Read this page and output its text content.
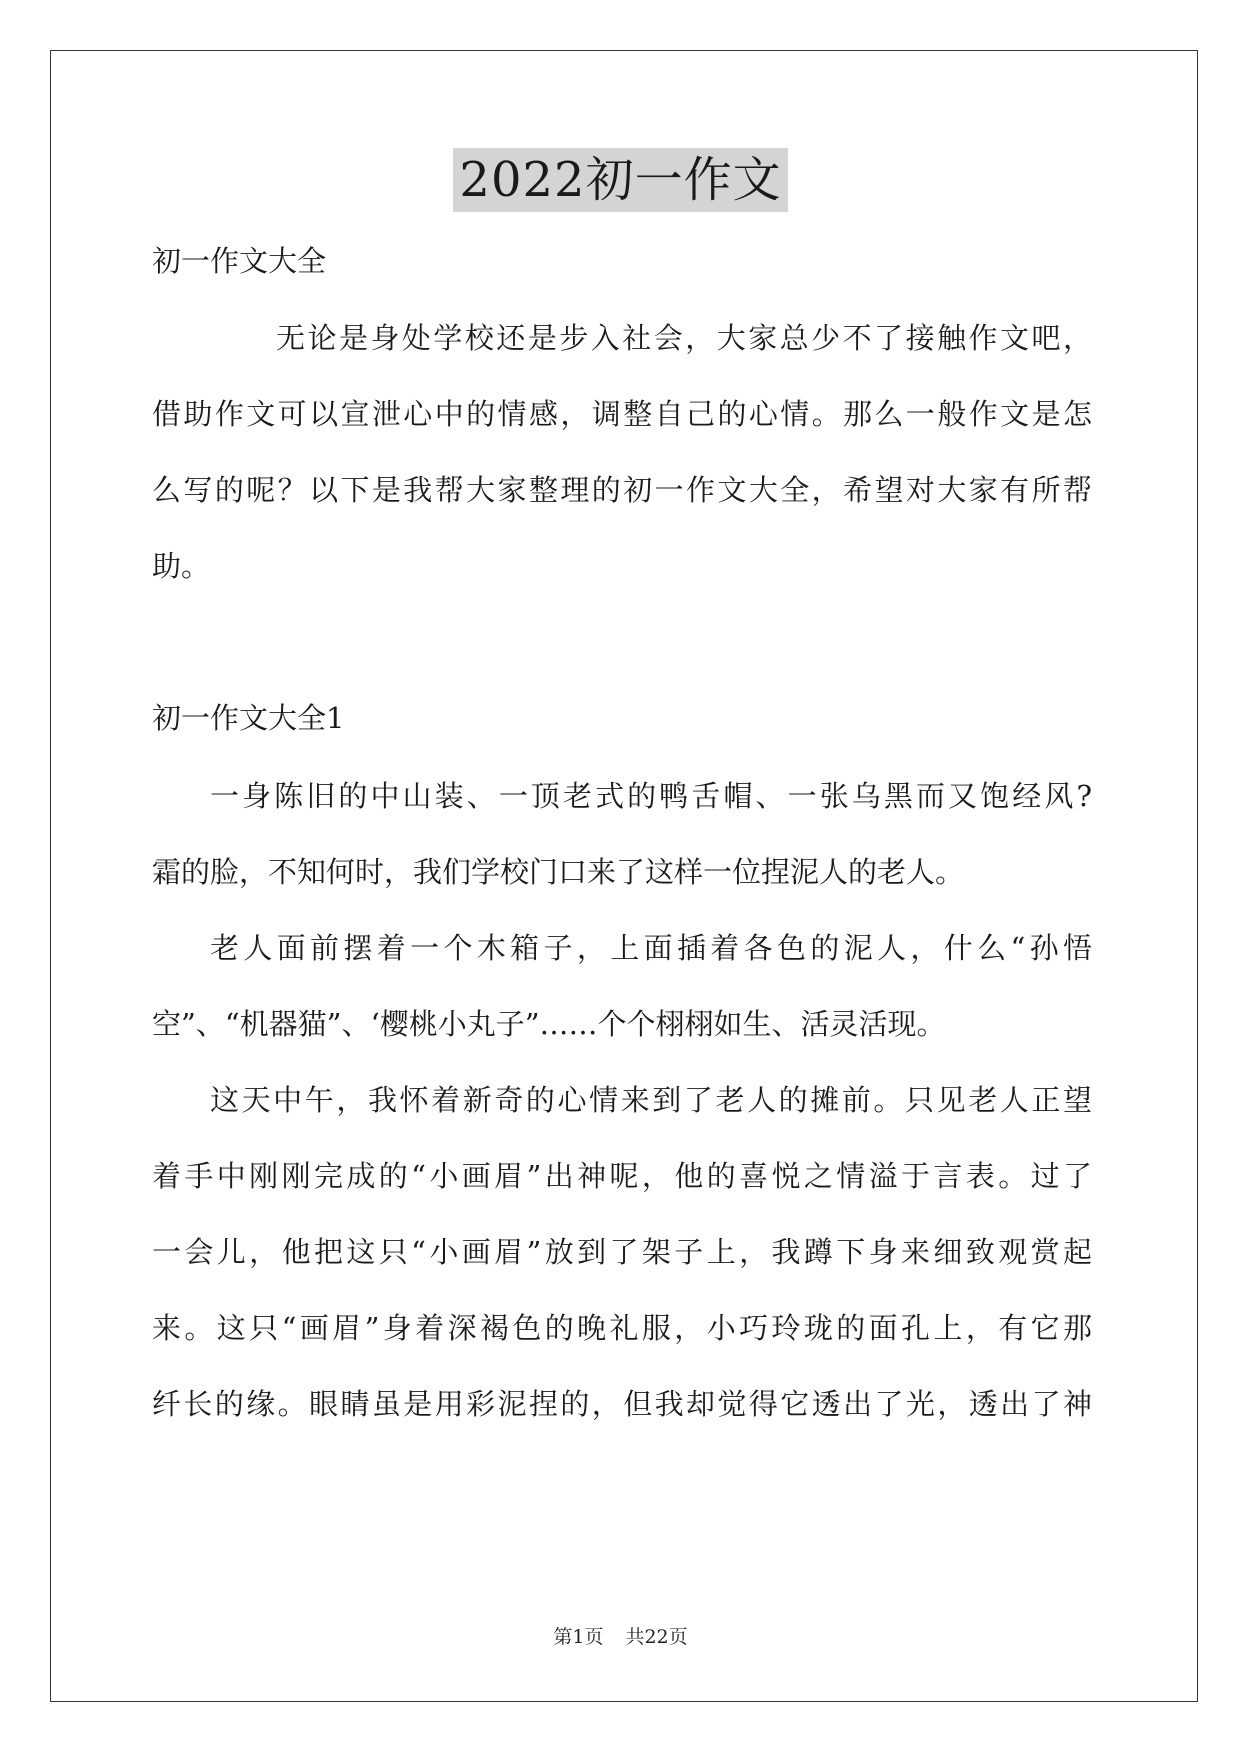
2022初一作文
初一作文大全
无论是身处学校还是步入社会，大家总少不了接触作文吧，
借助作文可以宣泄心中的情感，调整自己的心情。那么一般作文是怎
么写的呢？以下是我帮大家整理的初一作文大全，希望对大家有所帮
助。
初一作文大全1
一身陈旧的中山装、一顶老式的鸭舌帽、一张乌黑而又饱经风?
霜的脸，不知何时，我们学校门口来了这样一位捏泥人的老人。
老人面前摆着一个木箱子，上面插着各色的泥人，什么“孙悟
空”、“机器猫”、‘樱桃小丸子”……个个栩栩如生、活灵活现。
这天中午，我怀着新奇的心情来到了老人的摊前。只见老人正望
着手中刚刚完成的“小画眉”出神呢，他的喜悦之情溢于言表。过了
一会儿，他把这只“小画眉”放到了架子上，我蹲下身来细致观赏起
来。这只“画眉”身着深褐色的晚礼服，小巧玲珑的面孔上，有它那
纤长的缘。眼睛虽是用彩泥捏的，但我却觉得它透出了光，透出了神
第1页 共22页
